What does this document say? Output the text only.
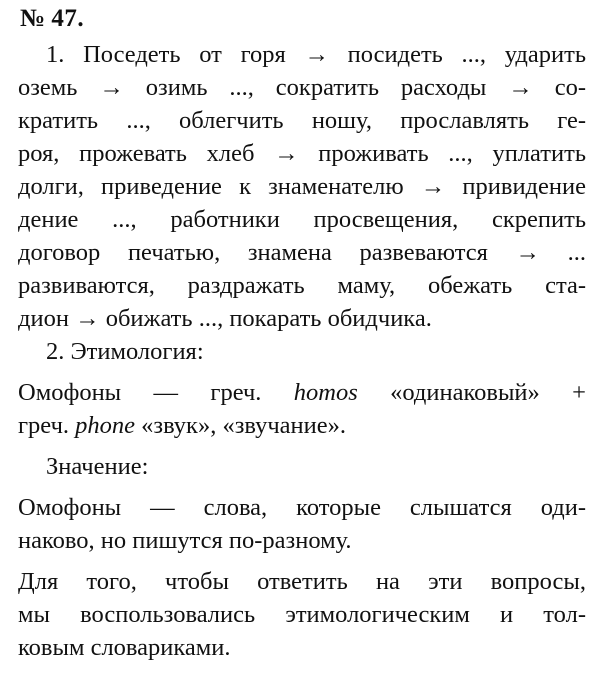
№ 47.
1. Поседеть от горя → посидеть ..., ударить
оземь → озимь ..., сократить расходы → со-
кратить ..., облегчить ношу, прославлять ге-
роя, прожевать хлеб → проживать ..., уплатить
долги, приведение к знаменателю → привидение
дение ..., работники просвещения, скрепить
договор печатью, знамена развеваются → ...
развиваются, раздражать маму, обежать ста-
дион → обижать ..., покарать обидчика.
2. Этимология:
Омофоны — греч. homos «одинаковый» +
греч. phone «звук», «звучание».
Значение:
Омофоны — слова, которые слышатся оди-
наково, но пишутся по-разному.
Для того, чтобы ответить на эти вопросы,
мы воспользовались этимологическим и тол-
ковым словариками.
